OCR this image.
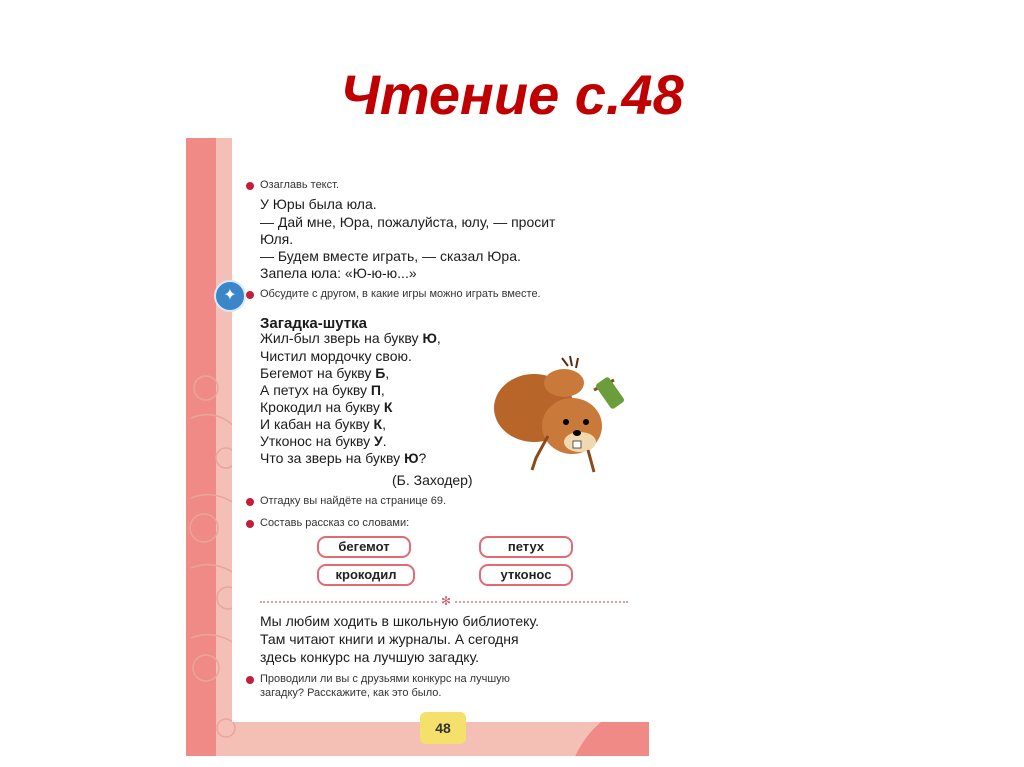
Чтение с.48
Озаглавь текст.
У Юры была юла.
— Дай мне, Юра, пожалуйста, юлу, — просит
Юля.
— Будем вместе играть, — сказал Юра.
Запела юла: «Ю-ю-ю...»
✦	Обсудите с другом, в какие игры можно играть вместе.
Загадка-шутка
Жил-был зверь на букву Ю,
Чистил мордочку свою.
Бегемот на букву Б,
А петух на букву П,
Крокодил на букву К
И кабан на букву К,
Утконос на букву У.
Что за зверь на букву Ю?
(Б. Заходер)
Отгадку вы найдёте на странице 69.
Составь рассказ со словами:
бегемот	петух
крокодил	утконос
✻
Мы любим ходить в школьную библиотеку.
Там читают книги и журналы. А сегодня
здесь конкурс на лучшую загадку.
Проводили ли вы с друзьями конкурс на лучшую
загадку? Расскажите, как это было.
48
